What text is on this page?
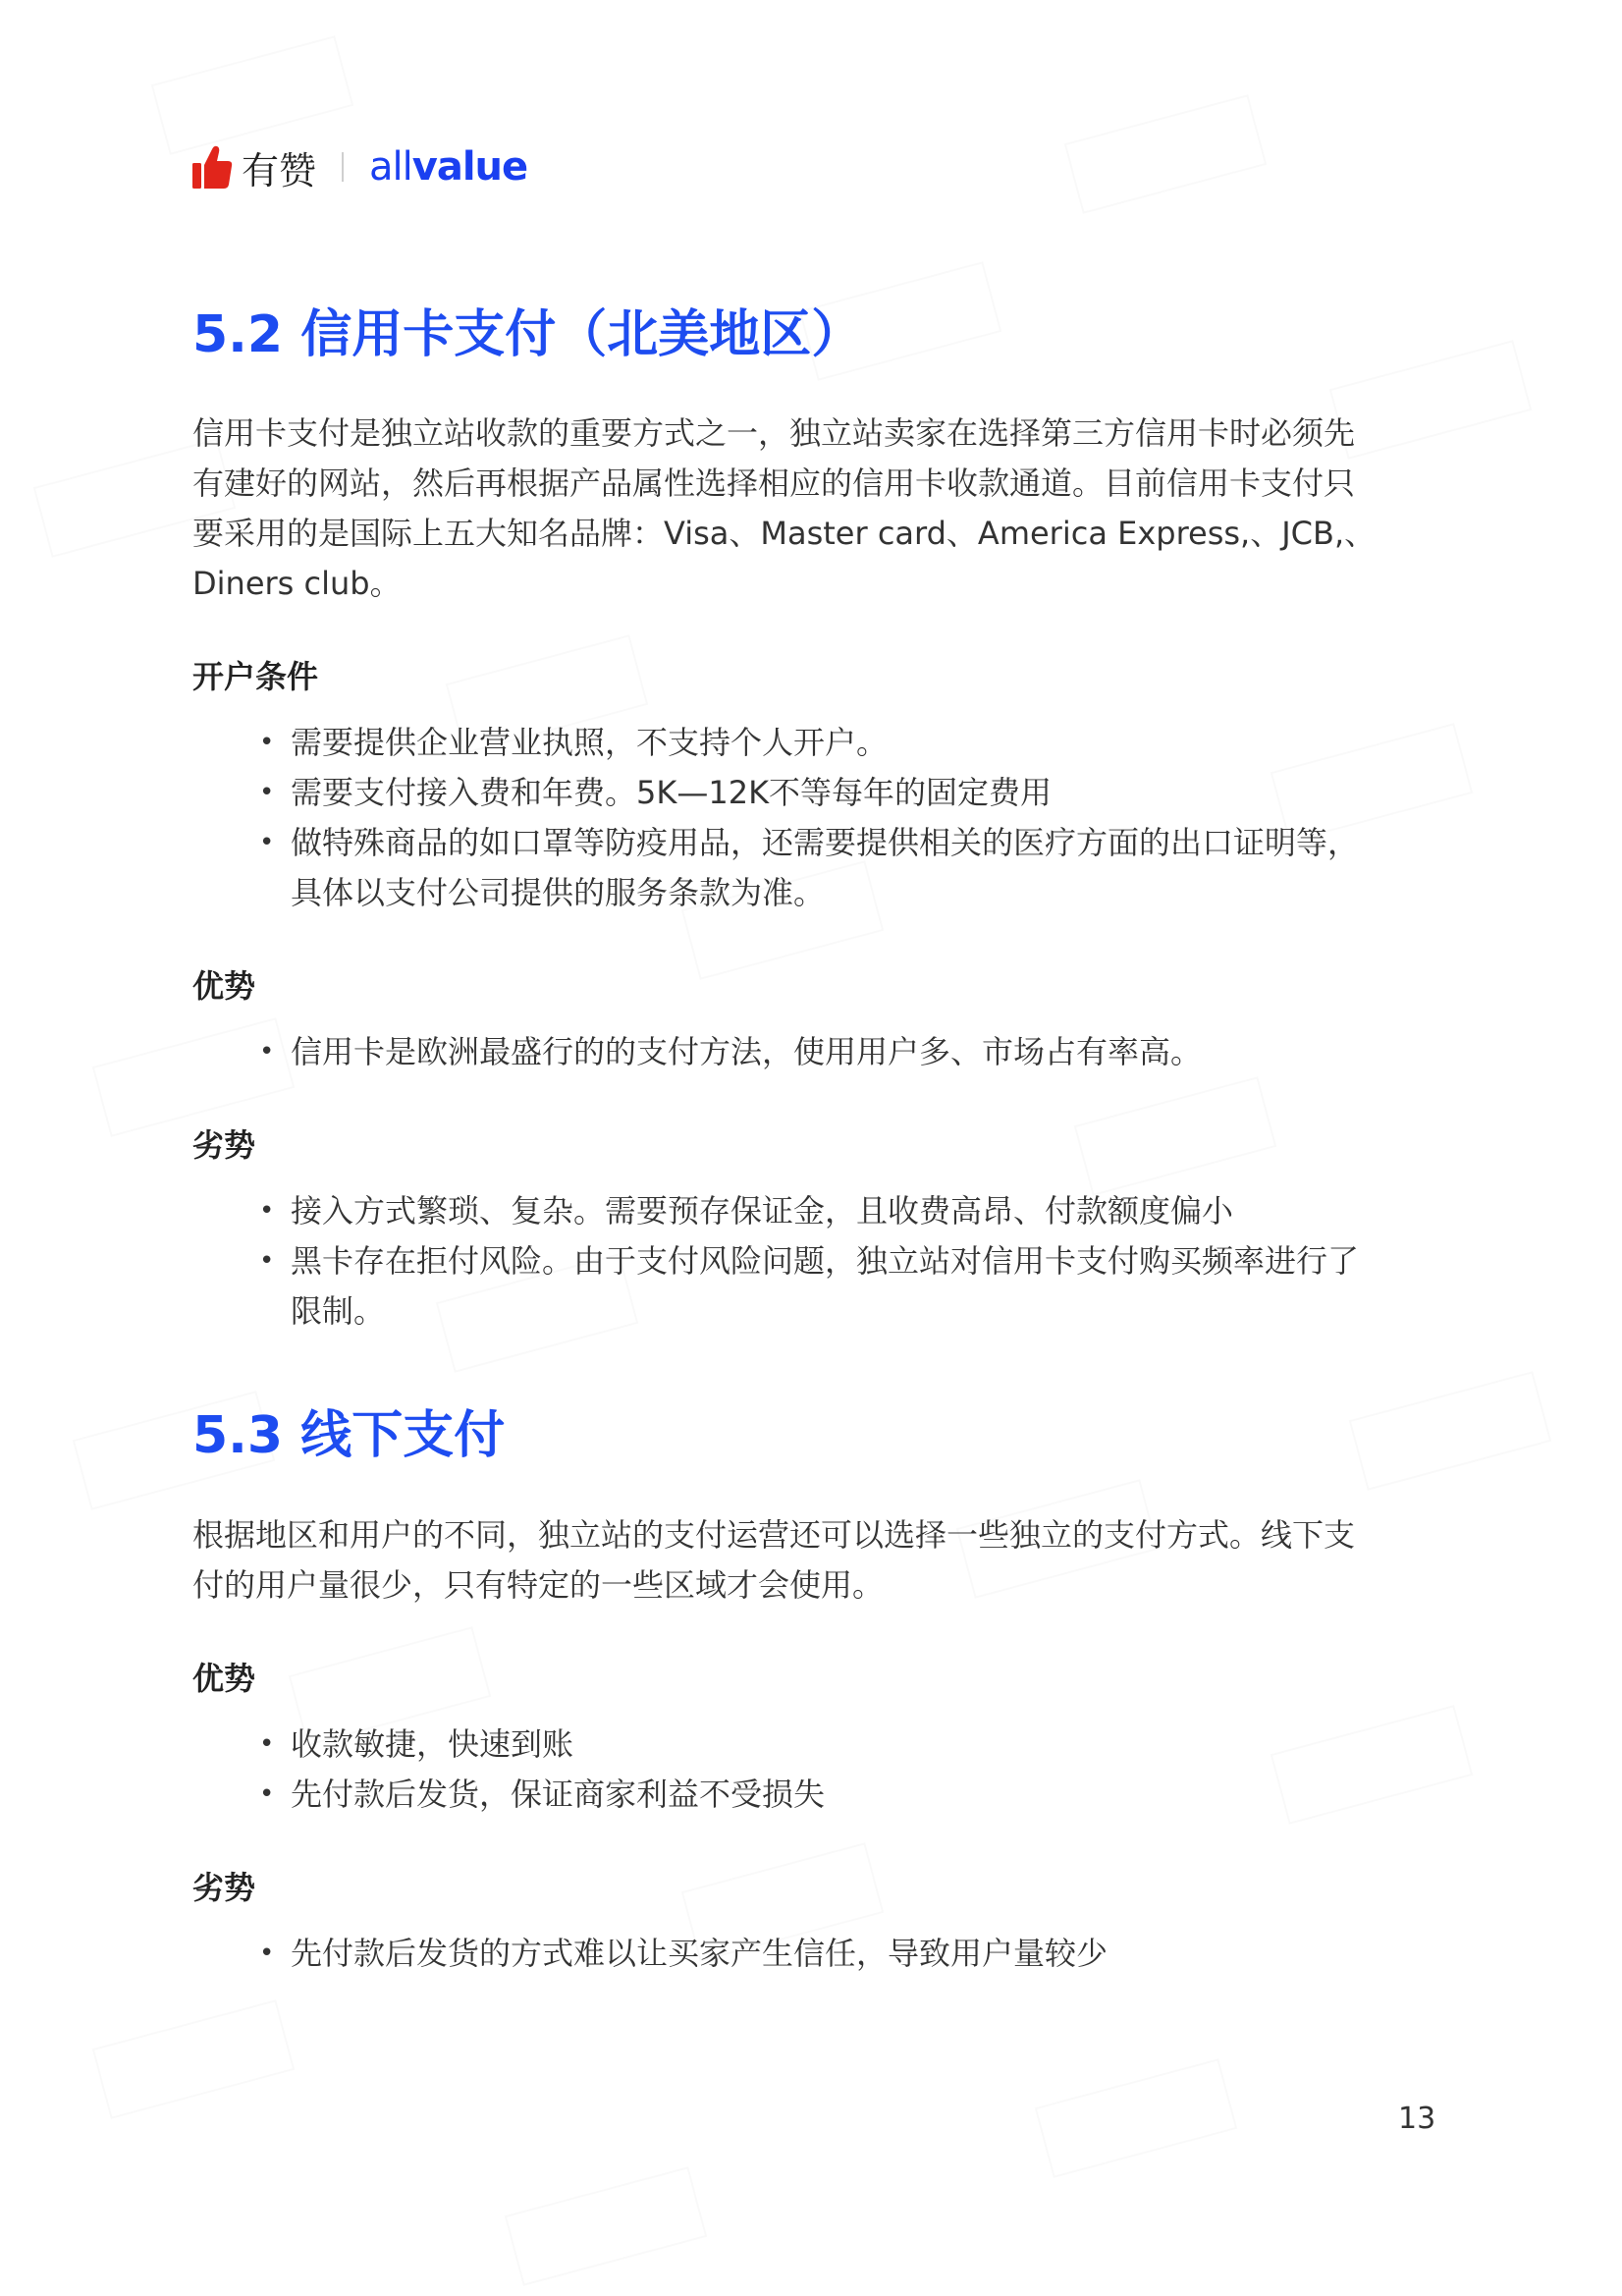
有赞 allvalue
5.2 信用卡支付（北美地区）

信用卡支付是独立站收款的重要方式之一，独立站卖家在选择第三方信用卡时必须先
有建好的网站，然后再根据产品属性选择相应的信用卡收款通道。目前信用卡支付只
要采用的是国际上五大知名品牌：Visa、Master card、America Express,、JCB,、
Diners club。

开户条件

• 需要提供企业营业执照，不支持个人开户。
• 需要支付接入费和年费。5K—12K不等每年的固定费用
• 做特殊商品的如口罩等防疫用品，还需要提供相关的医疗方面的出口证明等，
具体以支付公司提供的服务条款为准。

优势

• 信用卡是欧洲最盛行的的支付方法，使用用户多、市场占有率高。

劣势

• 接入方式繁琐、复杂。需要预存保证金，且收费高昂、付款额度偏小
• 黑卡存在拒付风险。由于支付风险问题，独立站对信用卡支付购买频率进行了
限制。
5.3 线下支付

根据地区和用户的不同，独立站的支付运营还可以选择一些独立的支付方式。线下支
付的用户量很少，只有特定的一些区域才会使用。

优势

• 收款敏捷，快速到账
• 先付款后发货，保证商家利益不受损失

劣势

• 先付款后发货的方式难以让买家产生信任，导致用户量较少
13
